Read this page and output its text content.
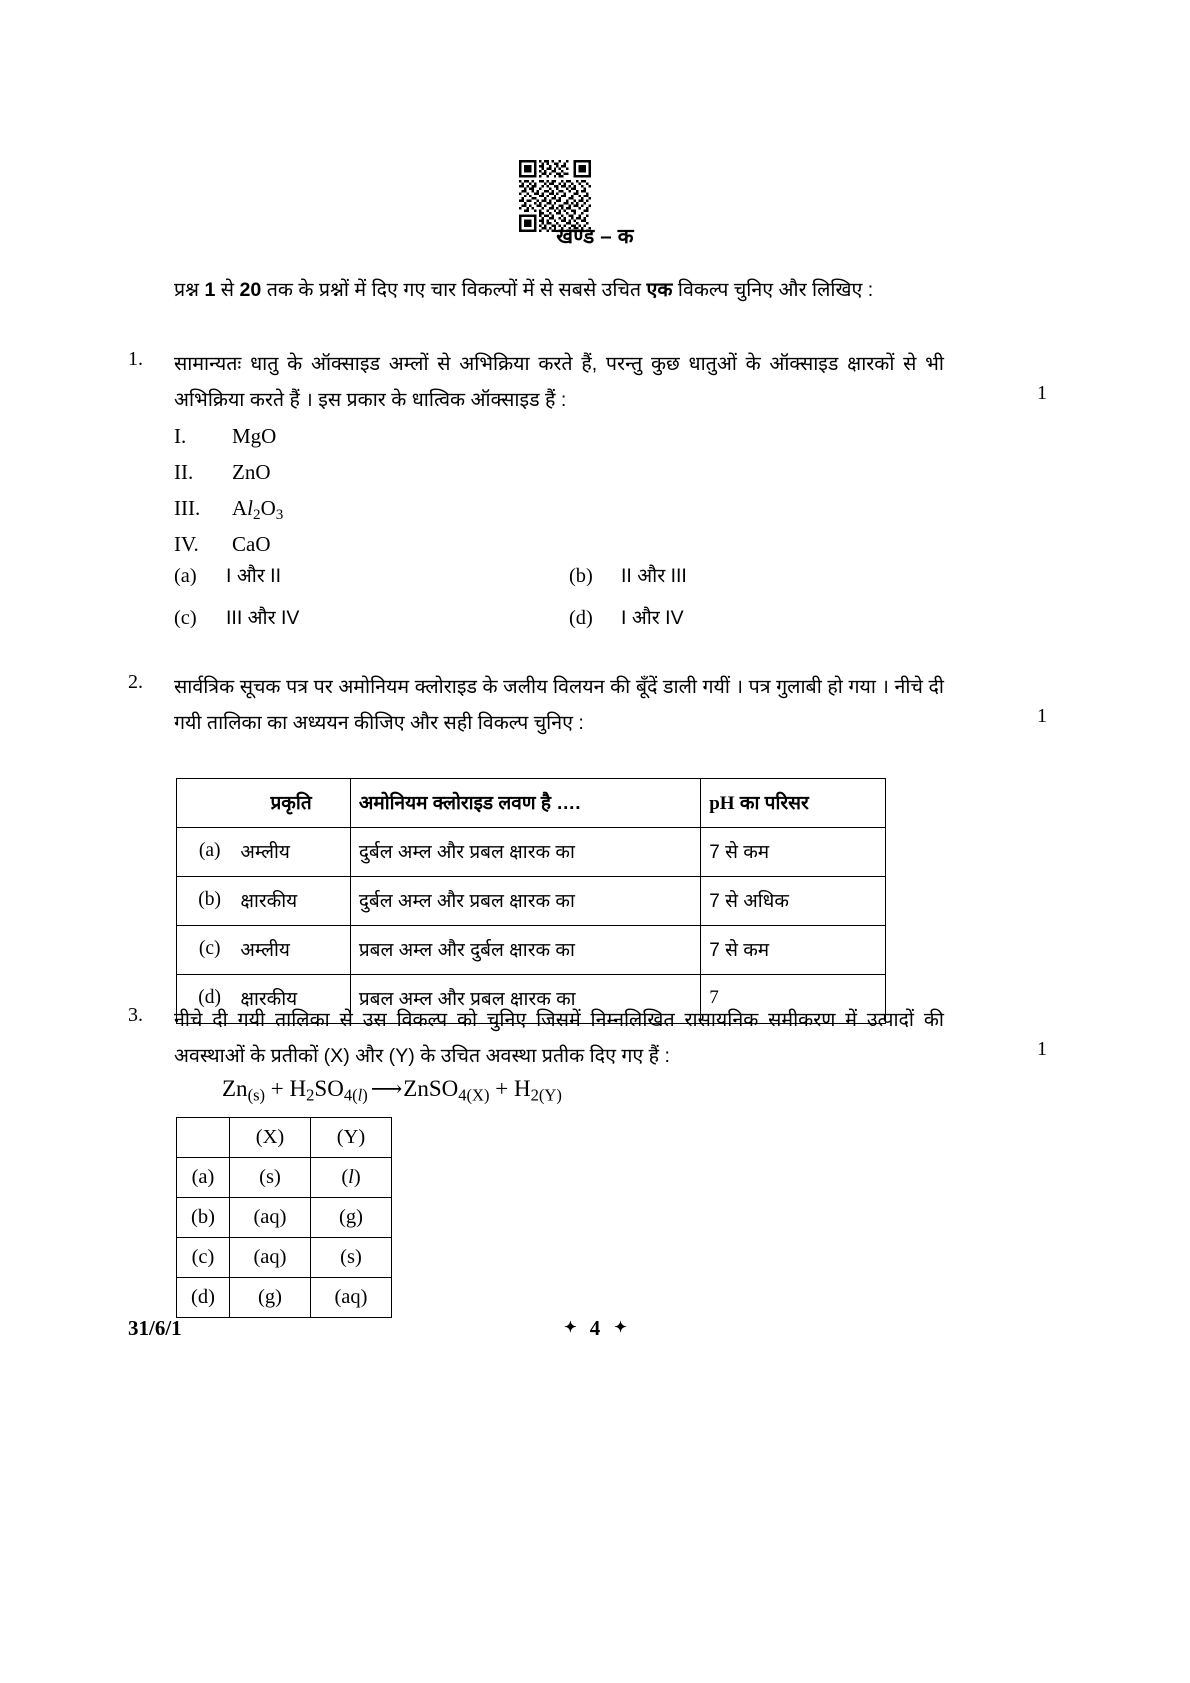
खण्ड – क
प्रश्न 1 से 20 तक के प्रश्नों में दिए गए चार विकल्पों में से सबसे उचित एक विकल्प चुनिए और लिखिए :
1. सामान्यतः धातु के ऑक्साइड अम्लों से अभिक्रिया करते हैं, परन्तु कुछ धातुओं के ऑक्साइड क्षारकों से भी अभिक्रिया करते हैं । इस प्रकार के धात्विक ऑक्साइड हैं :	1
I. MgO
II. ZnO
III. $Al_2O_3$
IV. CaO
(a) I और II	(b) II और III
(c) III और IV	(d) I और IV
2. सार्वत्रिक सूचक पत्र पर अमोनियम क्लोराइड के जलीय विलयन की बूँदें डाली गयीं । पत्र गुलाबी हो गया । नीचे दी गयी तालिका का अध्ययन कीजिए और सही विकल्प चुनिए :	1
	प्रकृति	अमोनियम क्लोराइड लवण है ….	pH का परिसर
(a)	अम्लीय	दुर्बल अम्ल और प्रबल क्षारक का	7 से कम
(b)	क्षारकीय	दुर्बल अम्ल और प्रबल क्षारक का	7 से अधिक
(c)	अम्लीय	प्रबल अम्ल और दुर्बल क्षारक का	7 से कम
(d)	क्षारकीय	प्रबल अम्ल और प्रबल क्षारक का	7
3. नीचे दी गयी तालिका से उस विकल्प को चुनिए जिसमें निम्नलिखित रासायनिक समीकरण में उत्पादों की अवस्थाओं के प्रतीकों (X) और (Y) के उचित अवस्था प्रतीक दिए गए हैं :	1
$Zn_{(s)} + H_2SO_{4(l)}$ ⟶ ZnSO$_{4(X)}$ + $H_{2(Y)}$
	(X)	(Y)
(a)	(s)	(l)
(b)	(aq)	(g)
(c)	(aq)	(s)
(d)	(g)	(aq)
31/6/1	✦ 4 ✦
